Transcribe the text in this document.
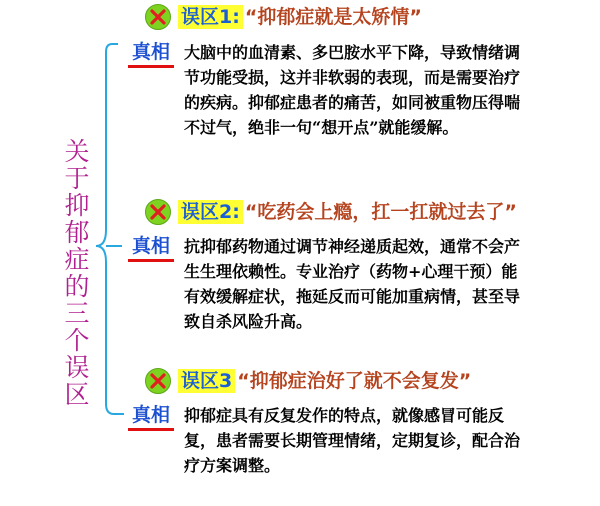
关于抑郁症的三个误区
误区1: “抑郁症就是太矫情”
真相 大脑中的血清素、多巴胺水平下降，导致情绪调节功能受损，这并非软弱的表现，而是需要治疗的疾病。抑郁症患者的痛苦，如同被重物压得喘不过气，绝非一句“想开点”就能缓解。

误区2: “吃药会上瘾，扛一扛就过去了”
真相 抗抑郁药物通过调节神经递质起效，通常不会产生生理依赖性。专业治疗（药物+心理干预）能有效缓解症状，拖延反而可能加重病情，甚至导致自杀风险升高。

误区3 “抑郁症治好了就不会复发”
真相 抑郁症具有反复发作的特点，就像感冒可能反复，患者需要长期管理情绪，定期复诊，配合治疗方案调整。
